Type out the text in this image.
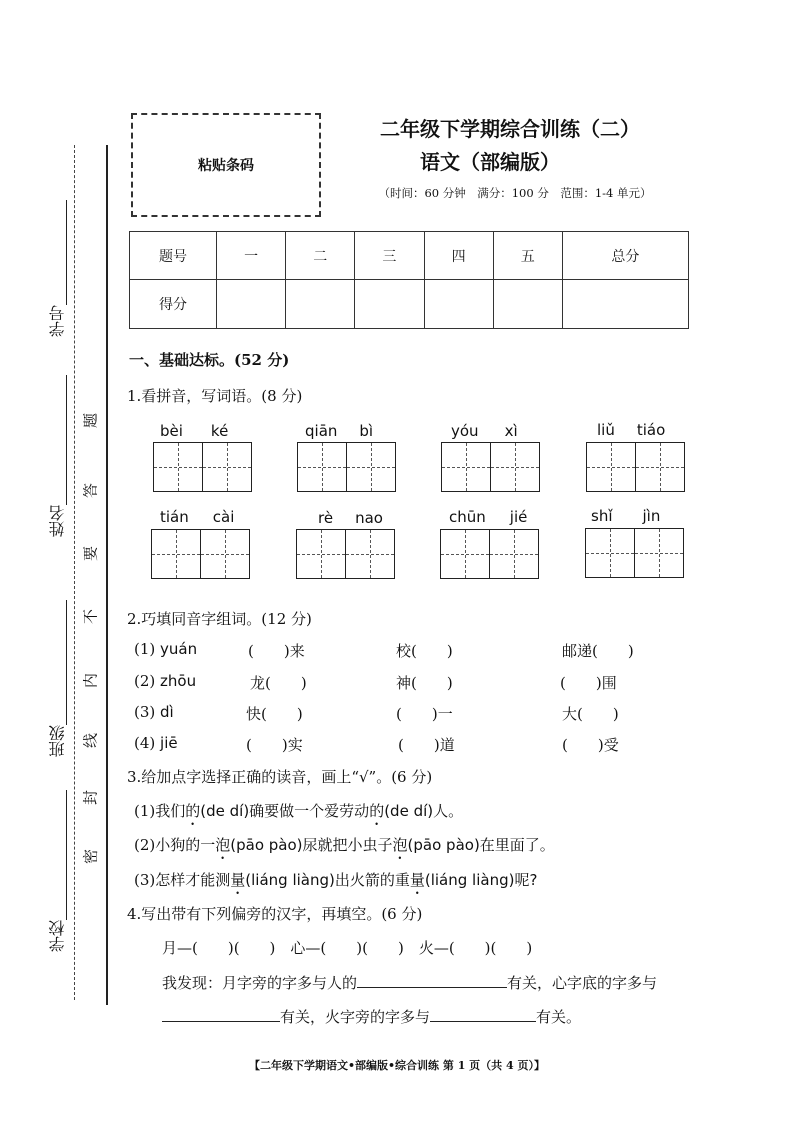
学号
姓名
班级
学校
题
答
要
不
内
线
封
密
粘贴条码
二年级下学期综合训练（二）
语文（部编版）
（时间：60 分钟　满分：100 分　范围：1-4 单元）
题号	一	二	三	四	五	总分
得分						
一、基础达标。(52 分)
1.看拼音，写词语。(8 分)
bèi ké	qiān bì	yóu xì	liǔ tiáo
tián cài	rè nao	chūn jié	shǐ jìn
2.巧填同音字组词。(12 分)
(1) yuán	(　　)来	校(　　)	邮递(　　)
(2) zhōu	龙(　　)	神(　　)	(　　)围
(3) dì	快(　　)	(　　)一	大(　　)
(4) jiē	(　　)实	(　　)道	(　　)受
3.给加点字选择正确的读音，画上“√”。(6 分)
(1)我们的(de dí)确要做一个爱劳动的(de dí)人。
(2)小狗的一泡(pāo pào)尿就把小虫子泡(pāo pào)在里面了。
(3)怎样才能测量(liáng liàng)出火箭的重量(liáng liàng)呢?
4.写出带有下列偏旁的汉字，再填空。(6 分)
月—(　　)(　　)　心—(　　)(　　)　火—(　　)(　　)
我发现：月字旁的字多与人的	有关，心字底的字多与
有关，火字旁的字多与	有关。
【二年级下学期语文•部编版•综合训练 第 1 页（共 4 页）】
